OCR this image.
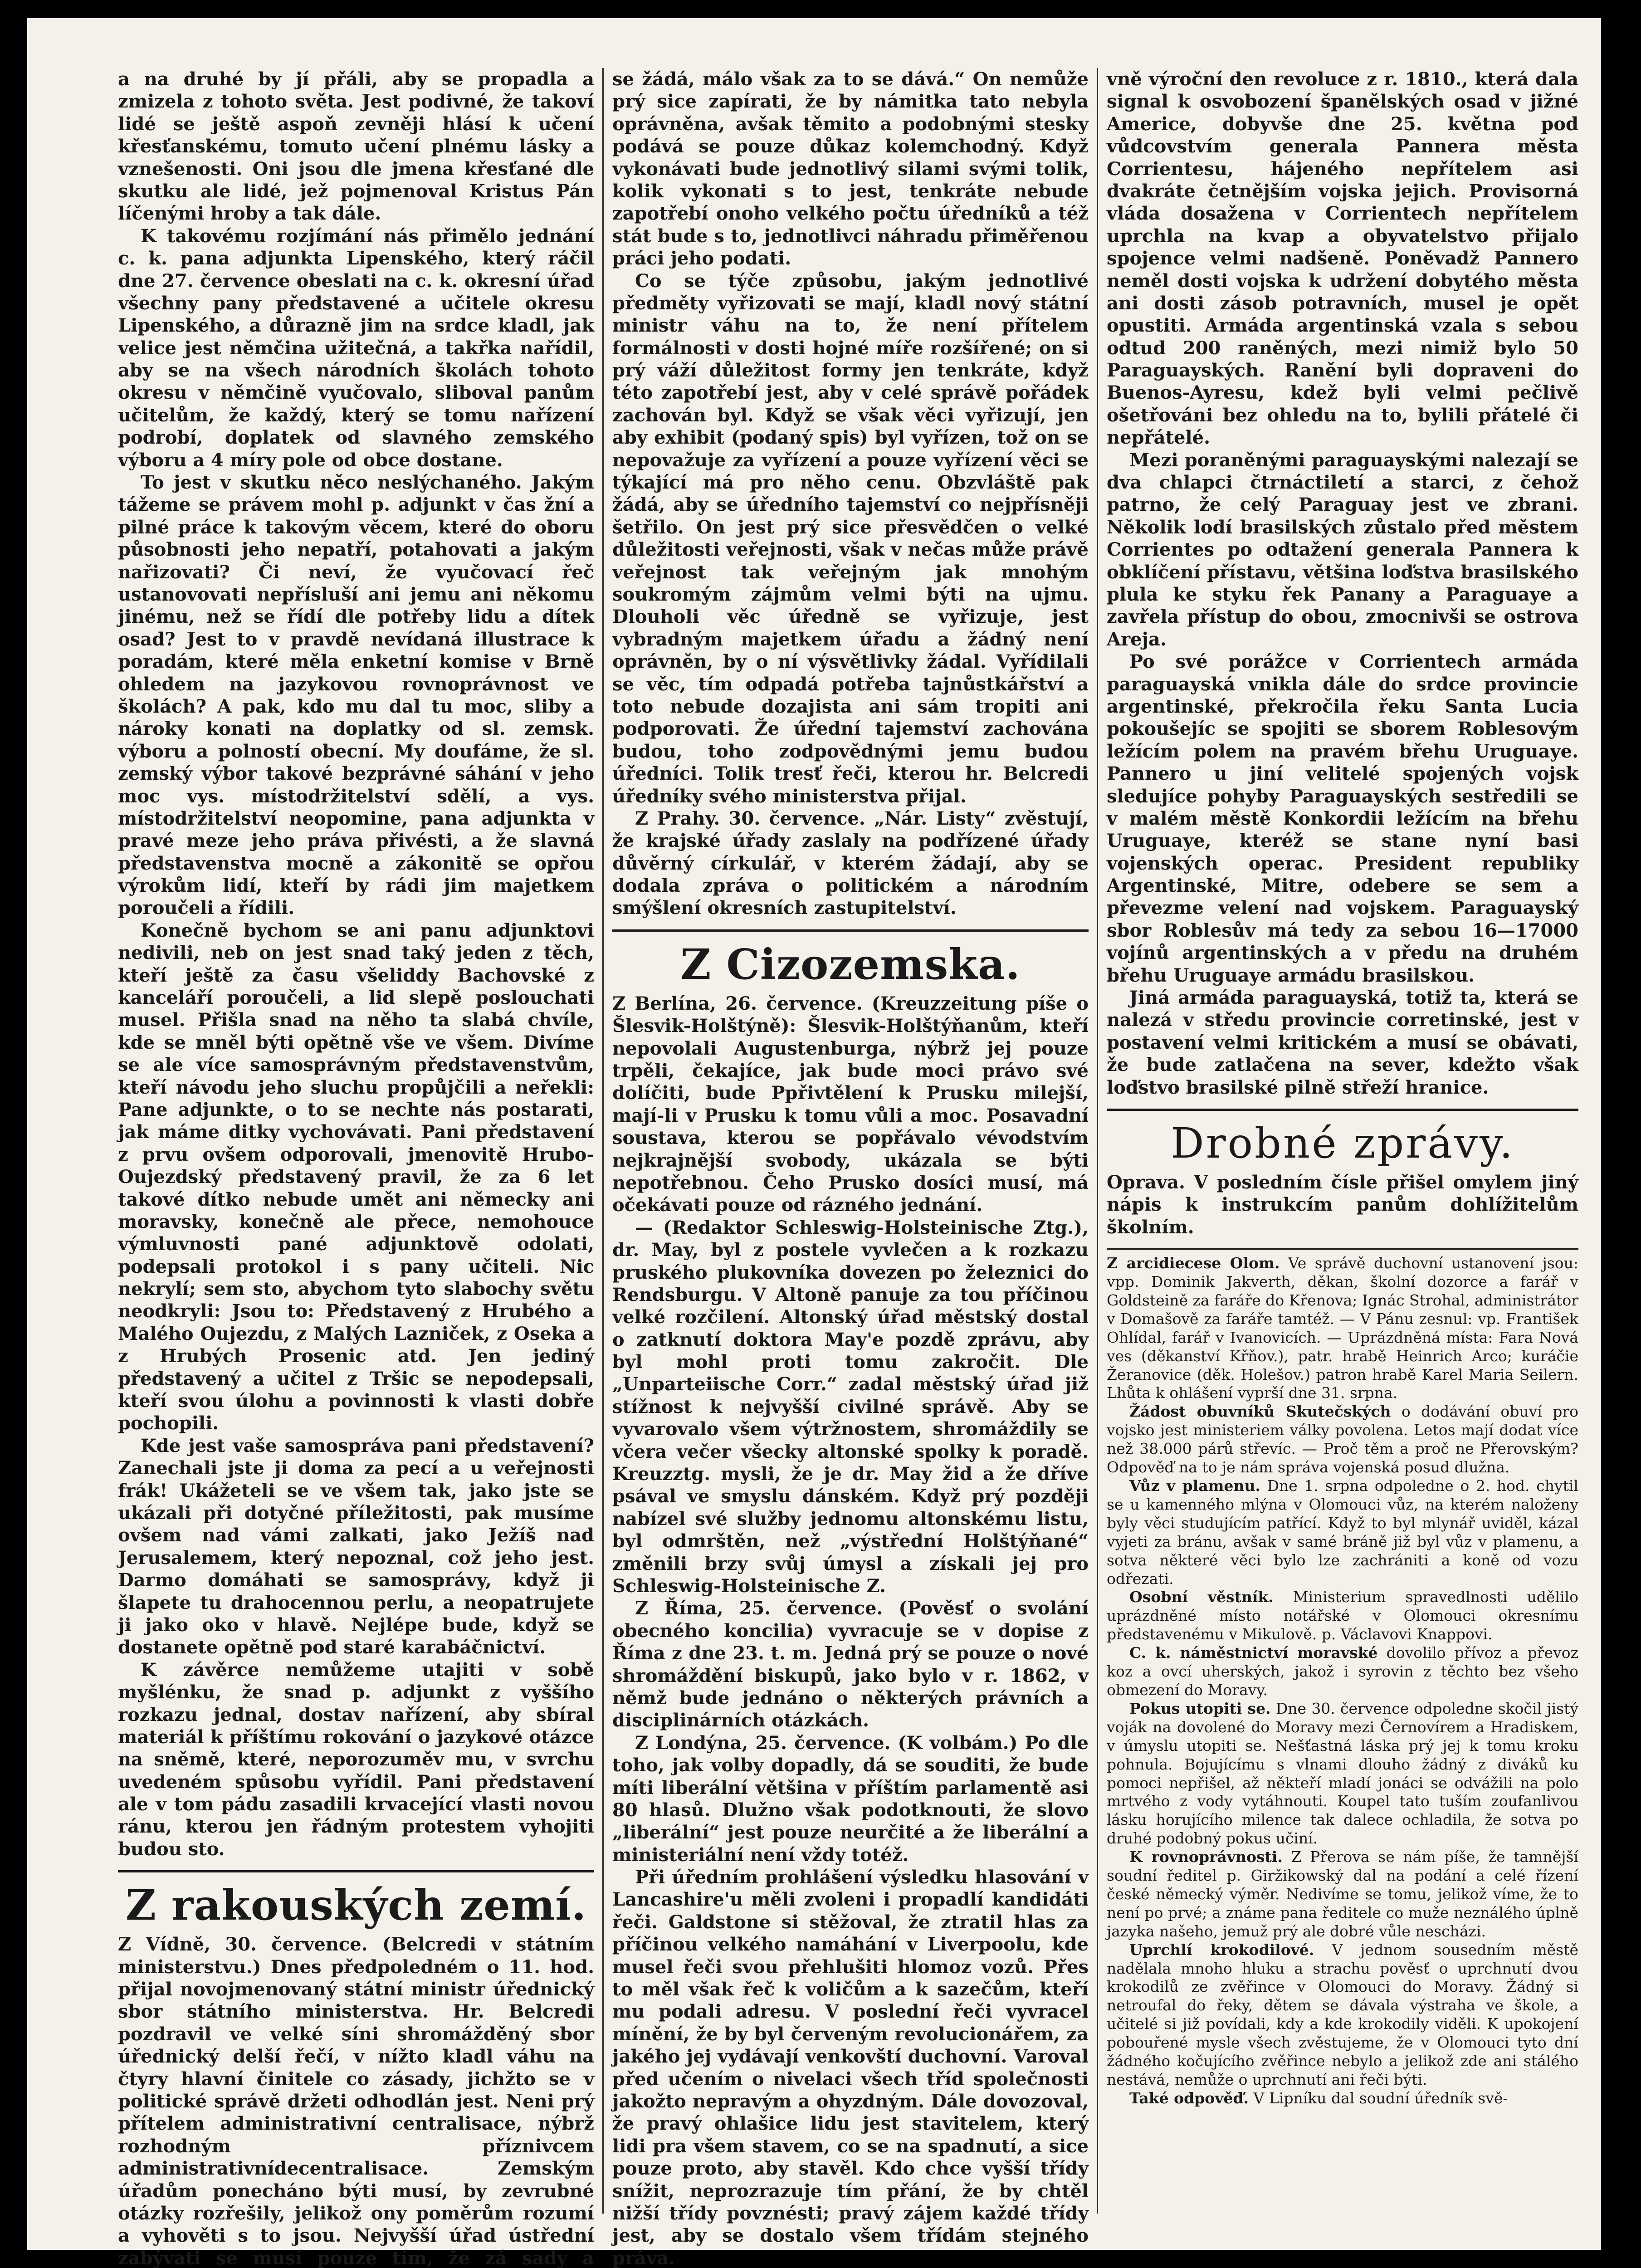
a na druhé by jí přáli, aby se propadla a zmizela z tohoto světa. Jest podivné, že takoví lidé se ještě aspoň zevněji hlásí k učení křesťanskému, tomuto učení plnému lásky a vznešenosti. Oni jsou dle jmena křesťané dle skutku ale lidé, jež pojmenoval Kristus Pán líčenými hroby a tak dále.

K takovému rozjímání nás přimělo jednání c. k. pana adjunkta Lipenského, který ráčil dne 27. července obeslati na c. k. okresní úřad všechny pany představené a učitele okresu Lipenského, a důrazně jim na srdce kladl, jak velice jest němčina užitečná, a takřka nařídil, aby se na všech národních školách tohoto okresu v němčině vyučovalo, sliboval panům učitelům, že každý, který se tomu nařízení podrobí, doplatek od slavného zemského výboru a 4 míry pole od obce dostane.

To jest v skutku něco neslýchaného. Jakým tážeme se právem mohl p. adjunkt v čas žní a pilné práce k takovým věcem, které do oboru působnosti jeho nepatří, potahovati a jakým nařizovati? Či neví, že vyučovací řeč ustanovovati nepřísluší ani jemu ani někomu jinému, než se řídí dle potřeby lidu a dítek osad? Jest to v pravdě nevídaná illustrace k poradám, které měla enketní komise v Brně ohledem na jazykovou rovnoprávnost ve školách? A pak, kdo mu dal tu moc, sliby a nároky konati na doplatky od sl. zemsk. výboru a polností obecní. My doufáme, že sl. zemský výbor takové bezprávné sáhání v jeho moc vys. místodržitelství sdělí, a vys. místodržitelství neopomine, pana adjunkta v pravé meze jeho práva přivésti, a že slavná představenstva mocně a zákonitě se opřou výrokům lidí, kteří by rádi jim majetkem poroučeli a řídili.

Konečně bychom se ani panu adjunktovi nedivili, neb on jest snad taký jeden z těch, kteří ještě za času všeliddy Bachovské z kanceláří poroučeli, a lid slepě poslouchati musel. Přišla snad na něho ta slabá chvíle, kde se mněl býti opětně vše ve všem. Divíme se ale více samosprávným představenstvům, kteří návodu jeho sluchu propůjčili a neřekli: Pane adjunkte, o to se nechte nás postarati, jak máme ditky vychovávati. Pani představení z prvu ovšem odporovali, jmenovitě Hrubo-Oujezdský představený pravil, že za 6 let takové dítko nebude umět ani německy ani moravsky, konečně ale přece, nemohouce výmluvnosti pané adjunktově odolati, podepsali protokol i s pany učiteli. Nic nekrylí; sem sto, abychom tyto slabochy světu neodkryli: Jsou to: Představený z Hrubého a Malého Oujezdu, z Malých Lazniček, z Oseka a z Hrubých Prosenic atd. Jen jediný představený a učitel z Tršic se nepodepsali, kteří svou úlohu a povinnosti k vlasti dobře pochopili.

Kde jest vaše samospráva pani představení? Zanechali jste ji doma za pecí a u veřejnosti frák! Ukážeteli se ve všem tak, jako jste se ukázali při dotyčné příležitosti, pak musíme ovšem nad vámi zalkati, jako Ježíš nad Jerusalemem, který nepoznal, což jeho jest. Darmo domáhati se samosprávy, když ji šlapete tu drahocennou perlu, a neopatrujete ji jako oko v hlavě. Nejlépe bude, když se dostanete opětně pod staré karabáčnictví.

K závěrce nemůžeme utajiti v sobě myšlénku, že snad p. adjunkt z vyššího rozkazu jednal, dostav nařízení, aby sbíral materiál k příštímu rokování o jazykové otázce na sněmě, které, neporozuměv mu, v svrchu uvedeném spůsobu vyřídil. Pani představení ale v tom pádu zasadili krvacející vlasti novou ránu, kterou jen řádným protestem vyhojiti budou sto.

Z rakouských zemí.

Z Vídně, 30. července. (Belcredi v státním ministerstvu.) Dnes předpoledném o 11. hod. přijal novojmenovaný státní ministr úřednický sbor státního ministerstva. Hr. Belcredi pozdravil ve velké síni shromážděný sbor úřednický delší řečí, v nížto kladl váhu na čtyry hlavní činitele co zásady, jichžto se v politické správě držeti odhodlán jest. Neni prý přítelem administrativní centralisace, nýbrž rozhodným příznivcem administrativnídecentralisace. Zemským úřadům ponecháno býti musí, by zevrubné otázky rozřešily, jelikož ony poměrům rozumí a vyhověti s to jsou. Nejvyšší úřad ústřední zabývati se musí pouze tím, že zá sady a

se žádá, málo však za to se dává.“ On nemůže prý sice zapírati, že by námitka tato nebyla oprávněna, avšak těmito a podobnými stesky podává se pouze důkaz kolemchodný. Když vykonávati bude jednotlivý silami svými tolik, kolik vykonati s to jest, tenkráte nebude zapotřebí onoho velkého počtu úředníků a též stát bude s to, jednotlivci náhradu přiměřenou práci jeho podati.

Co se týče způsobu, jakým jednotlivé předměty vyřizovati se mají, kladl nový státní ministr váhu na to, že není přítelem formálnosti v dosti hojné míře rozšířené; on si prý váží důležitost formy jen tenkráte, když této zapotřebí jest, aby v celé správě pořádek zachován byl. Když se však věci vyřizují, jen aby exhibit (podaný spis) byl vyřízen, tož on se nepovažuje za vyřízení a pouze vyřízení věci se týkající má pro něho cenu. Obzvláště pak žádá, aby se úředního tajemství co nejpřísněji šetřilo. On jest prý sice přesvědčen o velké důležitosti veřejnosti, však v nečas může právě veřejnost tak veřejným jak mnohým soukromým zájmům velmi býti na ujmu. Dlouholi věc úředně se vyřizuje, jest vybradným majetkem úřadu a žádný není oprávněn, by o ní výsvětlivky žádal. Vyřídilali se věc, tím odpadá potřeba tajnůstkářství a toto nebude dozajista ani sám tropiti ani podporovati. Že úřední tajemství zachována budou, toho zodpovědnými jemu budou úředníci. Tolik tresť řeči, kterou hr. Belcredi úředníky svého ministerstva přijal.

Z Prahy. 30. července. „Nár. Listy“ zvěstují, že krajské úřady zaslaly na podřízené úřady důvěrný církulář, v kterém žádají, aby se dodala zpráva o politickém a národním smýšlení okresních zastupitelství.

Z Cizozemska.

Z Berlína, 26. července. (Kreuzzeitung píše o Šlesvik-Holštýně): Šlesvik-Holštýňanům, kteří nepovolali Augustenburga, nýbrž jej pouze trpěli, čekajíce, jak bude moci právo své dolíčiti, bude Ppřivtělení k Prusku milejší, mají-li v Prusku k tomu vůli a moc. Posavadní soustava, kterou se popřávalo vévodstvím nejkrajnější svobody, ukázala se býti nepotřebnou. Čeho Prusko dosíci musí, má očekávati pouze od rázného jednání.

— (Redaktor Schleswig-Holsteinische Ztg.), dr. May, byl z postele vyvlečen a k rozkazu pruského plukovníka dovezen po železnici do Rendsburgu. V Altoně panuje za tou příčinou velké rozčilení. Altonský úřad městský dostal o zatknutí doktora May'e pozdě zprávu, aby byl mohl proti tomu zakročit. Dle „Unparteiische Corr.“ zadal městský úřad již stížnost k nejvyšší civilné správě. Aby se vyvarovalo všem výtržnostem, shromáždily se včera večer všecky altonské spolky k poradě. Kreuzztg. mysli, že je dr. May žid a že dříve psával ve smyslu dánském. Když prý později nabízel své služby jednomu altonskému listu, byl odmrštěn, než „výstřední Holštýňané“ změnili brzy svůj úmysl a získali jej pro Schleswig-Holsteinische Z.

Z Říma, 25. července. (Pověsť o svolání obecného koncilia) vyvracuje se v dopise z Říma z dne 23. t. m. Jedná prý se pouze o nové shromáždění biskupů, jako bylo v r. 1862, v němž bude jednáno o některých právních a disciplinárních otázkách.

Z Londýna, 25. července. (K volbám.) Po dle toho, jak volby dopadly, dá se souditi, že bude míti liberální většina v příštím parlamentě asi 80 hlasů. Dlužno však podotknouti, že slovo „liberální“ jest pouze neurčité a že liberální a ministeriální není vždy totéž.

Při úředním prohlášení výsledku hlasování v Lancashire'u měli zvoleni i propadlí kandidáti řeči. Galdstone si stěžoval, že ztratil hlas za příčinou velkého namáhání v Liverpoolu, kde musel řeči svou přehlušiti hlomoz vozů. Přes to měl však řeč k voličům a k sazečům, kteří mu podali adresu. V poslední řeči vyvracel mínění, že by byl červeným revolucionářem, za jakého jej vydávají venkovští duchovní. Varoval před učením o nivelaci všech tříd společnosti jakožto nepravým a ohyzdným. Dále dovozoval, že pravý ohlašice lidu jest stavitelem, který lidi pra všem stavem, co se na spadnutí, a sice pouze proto, aby stavěl. Kdo chce vyšší třídy snížit, neprozrazuje tím přání, že by chtěl nižší třídy povznésti; pravý zájem každé třídy jest, aby se dostalo všem třídám stejného práva.

vně výroční den revoluce z r. 1810., která dala signal k osvobození španělských osad v jižné Americe, dobyvše dne 25. května pod vůdcovstvím generala Pannera města Corrientesu, hájeného nepřítelem asi dvakráte četnějším vojska jejich. Provisorná vláda dosažena v Corrientech nepřítelem uprchla na kvap a obyvatelstvo přijalo spojence velmi nadšeně. Poněvadž Pannero neměl dosti vojska k udržení dobytého města ani dosti zásob potravních, musel je opět opustiti. Armáda argentinská vzala s sebou odtud 200 raněných, mezi nimiž bylo 50 Paraguayských. Ranění byli dopraveni do Buenos-Ayresu, kdež byli velmi pečlivě ošetřováni bez ohledu na to, bylili přátelé či nepřátelé.

Mezi poraněnými paraguayskými nalezají se dva chlapci čtrnáctiletí a starci, z čehož patrno, že celý Paraguay jest ve zbrani. Několik lodí brasilských zůstalo před městem Corrientes po odtažení generala Pannera k obklíčení přístavu, většina loďstva brasilského plula ke styku řek Panany a Paraguaye a zavřela přístup do obou, zmocnivši se ostrova Areja.

Po své porážce v Corrientech armáda paraguayská vnikla dále do srdce provincie argentinské, překročila řeku Santa Lucia pokoušejíc se spojiti se sborem Roblesovým ležícím polem na pravém břehu Uruguaye. Pannero u jiní velitelé spojených vojsk sledujíce pohyby Paraguayských sestředili se v malém městě Konkordii ležícím na břehu Uruguaye, kteréž se stane nyní basi vojenských operac. President republiky Argentinské, Mitre, odebere se sem a převezme velení nad vojskem. Paraguayský sbor Roblesův má tedy za sebou 16—17000 vojínů argentinských a v předu na druhém břehu Uruguaye armádu brasilskou.

Jiná armáda paraguayská, totiž ta, která se nalezá v středu provincie corretinské, jest v postavení velmi kritickém a musí se obávati, že bude zatlačena na sever, kdežto však loďstvo brasilské pilně střeží hranice.

Drobné zprávy.

Oprava. V posledním čísle přišel omylem jiný nápis k instrukcím panům dohlížitelům školním.

Z arcidiecese Olom. Ve správě duchovní ustanovení jsou: vpp. Dominik Jakverth, děkan, školní dozorce a farář v Goldsteině za faráře do Křenova; Ignác Strohal, administrátor v Domašově za faráře tamtéž. — V Pánu zesnul: vp. František Ohlídal, farář v Ivanovicích. — Uprázdněná místa: Fara Nová ves (děkanství Křňov.), patr. hrabě Heinrich Arco; kuráčie Žeranovice (děk. Holešov.) patron hrabě Karel Maria Seilern. Lhůta k ohlášení vyprší dne 31. srpna.

Žádost obuvníků Skutečských o dodávání obuví pro vojsko jest ministeriem války povolena. Letos mají dodat více než 38.000 párů střevíc. — Proč těm a proč ne Přerovským? Odpověď na to je nám správa vojenská posud dlužna.

Vůz v plamenu. Dne 1. srpna odpoledne o 2. hod. chytil se u kamenného mlýna v Olomouci vůz, na kterém naloženy byly věci studujícím patřící. Když to byl mlynář uviděl, kázal vyjeti za bránu, avšak v samé bráně již byl vůz v plamenu, a sotva některé věci bylo lze zachrániti a koně od vozu odřezati.

Osobní věstník. Ministerium spravedlnosti udělilo uprázdněné místo notářské v Olomouci okresnímu představenému v Mikulově. p. Václavovi Knappovi.

C. k. náměstnictví moravské dovolilo přívoz a převoz koz a ovcí uherských, jakož i syrovin z těchto bez všeho obmezení do Moravy.

Pokus utopiti se. Dne 30. července odpoledne skočil jistý voják na dovolené do Moravy mezi Černovírem a Hradiskem, v úmyslu utopiti se. Nešťastná láska prý jej k tomu kroku pohnula. Bojujícímu s vlnami dlouho žádný z diváků ku pomoci nepřišel, až někteří mladí jonáci se odvážili na polo mrtvého z vody vytáhnouti. Koupel tato tuším zoufanlivou lásku horujícího milence tak dalece ochladila, že sotva po druhé podobný pokus učiní.

K rovnoprávnosti. Z Přerova se nám píše, že tamnější soudní ředitel p. Giržikowský dal na podání a celé řízení české německý výměr. Nedivíme se tomu, jelikož víme, že to není po prvé; a známe pana ředitele co muže neználého úplně jazyka našeho, jemuž prý ale dobré vůle nescházi.

Uprchlí krokodilové. V jednom sousedním městě nadělala mnoho hluku a strachu pověsť o uprchnutí dvou krokodilů ze zvěřince v Olomouci do Moravy. Žádný si netroufal do řeky, dětem se dávala výstraha ve škole, a učitelé si již povídali, kdy a kde krokodily viděli. K upokojení pobouřené mysle všech zvěstujeme, že v Olomouci tyto dní žádného kočujícího zvěřince nebylo a jelikož zde ani stálého nestává, nemůže o uprchnutí ani řeči býti.

Také odpověď. V Lipníku dal soudní úředník svě-
